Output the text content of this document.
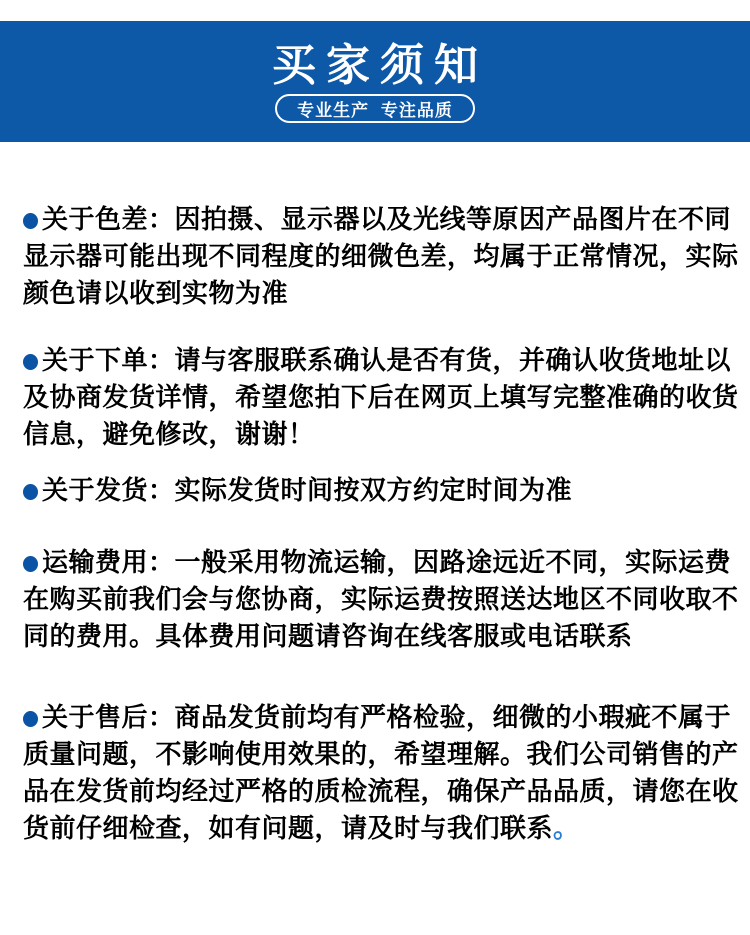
买家须知
专业生产 专注品质
关于色差：因拍摄、显示器以及光线等原因产品图片在不同
显示器可能出现不同程度的细微色差，均属于正常情况，实际
颜色请以收到实物为准
关于下单：请与客服联系确认是否有货，并确认收货地址以
及协商发货详情，希望您拍下后在网页上填写完整准确的收货
信息，避免修改，谢谢！
关于发货：实际发货时间按双方约定时间为准
运输费用：一般采用物流运输，因路途远近不同，实际运费
在购买前我们会与您协商，实际运费按照送达地区不同收取不
同的费用。具体费用问题请咨询在线客服或电话联系
关于售后：商品发货前均有严格检验，细微的小瑕疵不属于
质量问题，不影响使用效果的，希望理解。我们公司销售的产
品在发货前均经过严格的质检流程，确保产品品质，请您在收
货前仔细检查，如有问题，请及时与我们联系。
